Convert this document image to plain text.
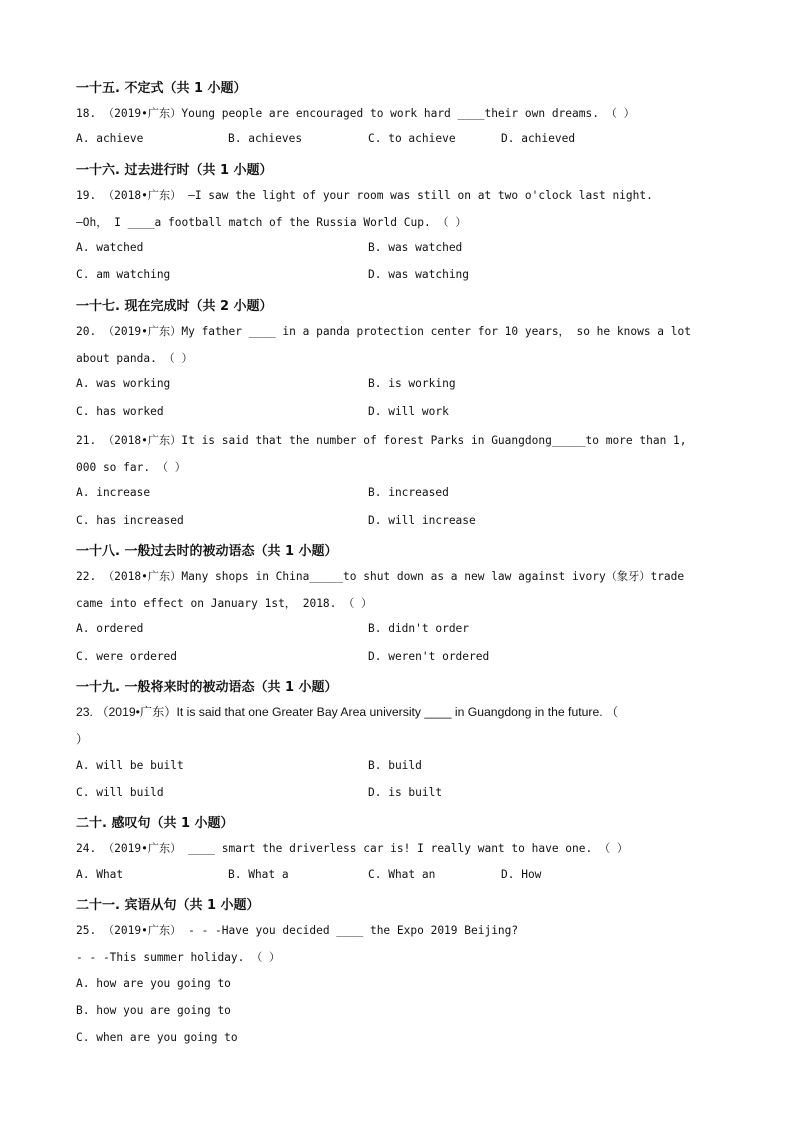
一十五. 不定式（共 1 小题）
18. （2019•广东）Young people are encouraged to work hard ____their own dreams. （ ）
A. achieve	B. achieves	C. to achieve	D. achieved
一十六. 过去进行时（共 1 小题）
19. （2018•广东） –I saw the light of your room was still on at two o'clock last night.
–Oh， I ____a football match of the Russia World Cup. （ ）
A. watched	B. was watched
C. am watching	D. was watching
一十七. 现在完成时（共 2 小题）
20. （2019•广东）My father ____ in a panda protection center for 10 years， so he knows a lot
about panda. （ ）
A. was working	B. is working
C. has worked	D. will work
21. （2018•广东）It is said that the number of forest Parks in Guangdong_____to more than 1,
000 so far. （ ）
A. increase	B. increased
C. has increased	D. will increase
一十八. 一般过去时的被动语态（共 1 小题）
22. （2018•广东）Many shops in China_____to shut down as a new law against ivory（象牙）trade
came into effect on January 1st， 2018. （ ）
A. ordered	B. didn't order
C. were ordered	D. weren't ordered
一十九. 一般将来时的被动语态（共 1 小题）
23. （2019•广东）It is said that one Greater Bay Area university ____ in Guangdong in the future. （
）
A. will be built	B. build
C. will build	D. is built
二十. 感叹句（共 1 小题）
24. （2019•广东） ____ smart the driverless car is! I really want to have one. （ ）
A. What	B. What a	C. What an	D. How
二十一. 宾语从句（共 1 小题）
25. （2019•广东） - - -Have you decided ____ the Expo 2019 Beijing?
- - -This summer holiday. （ ）
A. how are you going to
B. how you are going to
C. when are you going to
